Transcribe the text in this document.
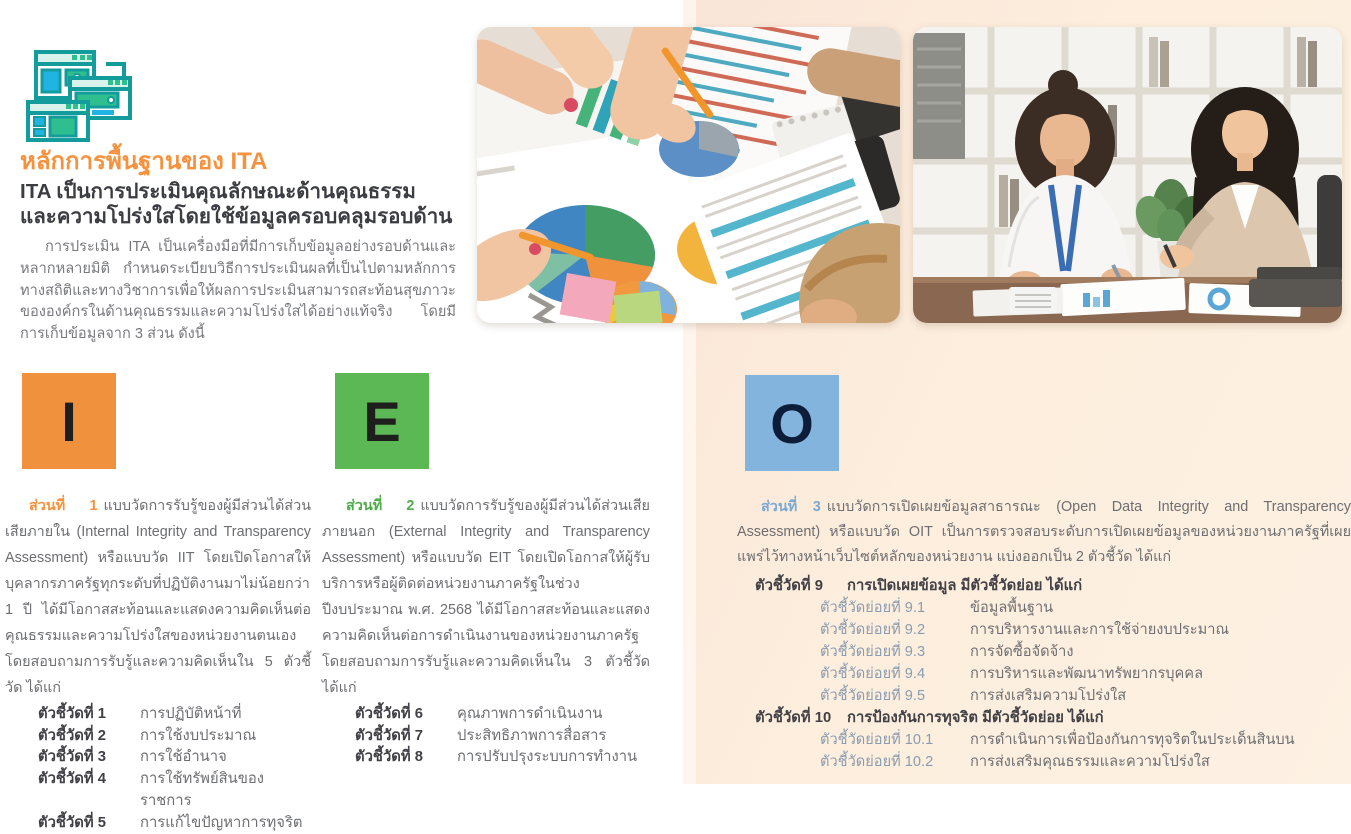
หลักการพื้นฐานของ ITA
ITA เป็นการประเมินคุณลักษณะด้านคุณธรรม
และความโปร่งใสโดยใช้ข้อมูลครอบคลุมรอบด้าน

การประเมิน ITA เป็นเครื่องมือที่มีการเก็บข้อมูลอย่างรอบด้านและหลากหลายมิติ กำหนดระเบียบวิธีการประเมินผลที่เป็นไปตามหลักการทางสถิติและทางวิชาการเพื่อให้ผลการประเมินสามารถสะท้อนสุขภาวะขององค์กรในด้านคุณธรรมและความโปร่งใสได้อย่างแท้จริง โดยมีการเก็บข้อมูลจาก 3 ส่วน ดังนี้

I

ส่วนที่ 1 แบบวัดการรับรู้ของผู้มีส่วนได้ส่วนเสียภายใน (Internal Integrity and Transparency Assessment) หรือแบบวัด IIT โดยเปิดโอกาสให้บุคลากรภาครัฐทุกระดับที่ปฏิบัติงานมาไม่น้อยกว่า 1 ปี ได้มีโอกาสสะท้อนและแสดงความคิดเห็นต่อคุณธรรมและความโปร่งใสของหน่วยงานตนเอง โดยสอบถามการรับรู้และความคิดเห็นใน 5 ตัวชี้วัด ได้แก่

ตัวชี้วัดที่ 1	การปฏิบัติหน้าที่
ตัวชี้วัดที่ 2	การใช้งบประมาณ
ตัวชี้วัดที่ 3	การใช้อำนาจ
ตัวชี้วัดที่ 4	การใช้ทรัพย์สินของราชการ
ตัวชี้วัดที่ 5	การแก้ไขปัญหาการทุจริต
E

ส่วนที่ 2 แบบวัดการรับรู้ของผู้มีส่วนได้ส่วนเสียภายนอก (External Integrity and Transparency Assessment) หรือแบบวัด EIT โดยเปิดโอกาสให้ผู้รับบริการหรือผู้ติดต่อหน่วยงานภาครัฐในช่วงปีงบประมาณ พ.ศ. 2568 ได้มีโอกาสสะท้อนและแสดงความคิดเห็นต่อการดำเนินงานของหน่วยงานภาครัฐ โดยสอบถามการรับรู้และความคิดเห็นใน 3 ตัวชี้วัด ได้แก่

ตัวชี้วัดที่ 6	คุณภาพการดำเนินงาน
ตัวชี้วัดที่ 7	ประสิทธิภาพการสื่อสาร
ตัวชี้วัดที่ 8	การปรับปรุงระบบการทำงาน
O

ส่วนที่ 3 แบบวัดการเปิดเผยข้อมูลสาธารณะ (Open Data Integrity and Transparency Assessment) หรือแบบวัด OIT เป็นการตรวจสอบระดับการเปิดเผยข้อมูลของหน่วยงานภาครัฐที่เผยแพร่ไว้ทางหน้าเว็บไซต์หลักของหน่วยงาน แบ่งออกเป็น 2 ตัวชี้วัด ได้แก่

ตัวชี้วัดที่ 9	การเปิดเผยข้อมูล มีตัวชี้วัดย่อย ได้แก่
ตัวชี้วัดย่อยที่ 9.1	ข้อมูลพื้นฐาน
ตัวชี้วัดย่อยที่ 9.2	การบริหารงานและการใช้จ่ายงบประมาณ
ตัวชี้วัดย่อยที่ 9.3	การจัดซื้อจัดจ้าง
ตัวชี้วัดย่อยที่ 9.4	การบริหารและพัฒนาทรัพยากรบุคคล
ตัวชี้วัดย่อยที่ 9.5	การส่งเสริมความโปร่งใส
ตัวชี้วัดที่ 10	การป้องกันการทุจริต มีตัวชี้วัดย่อย ได้แก่
ตัวชี้วัดย่อยที่ 10.1	การดำเนินการเพื่อป้องกันการทุจริตในประเด็นสินบน
ตัวชี้วัดย่อยที่ 10.2	การส่งเสริมคุณธรรมและความโปร่งใส
